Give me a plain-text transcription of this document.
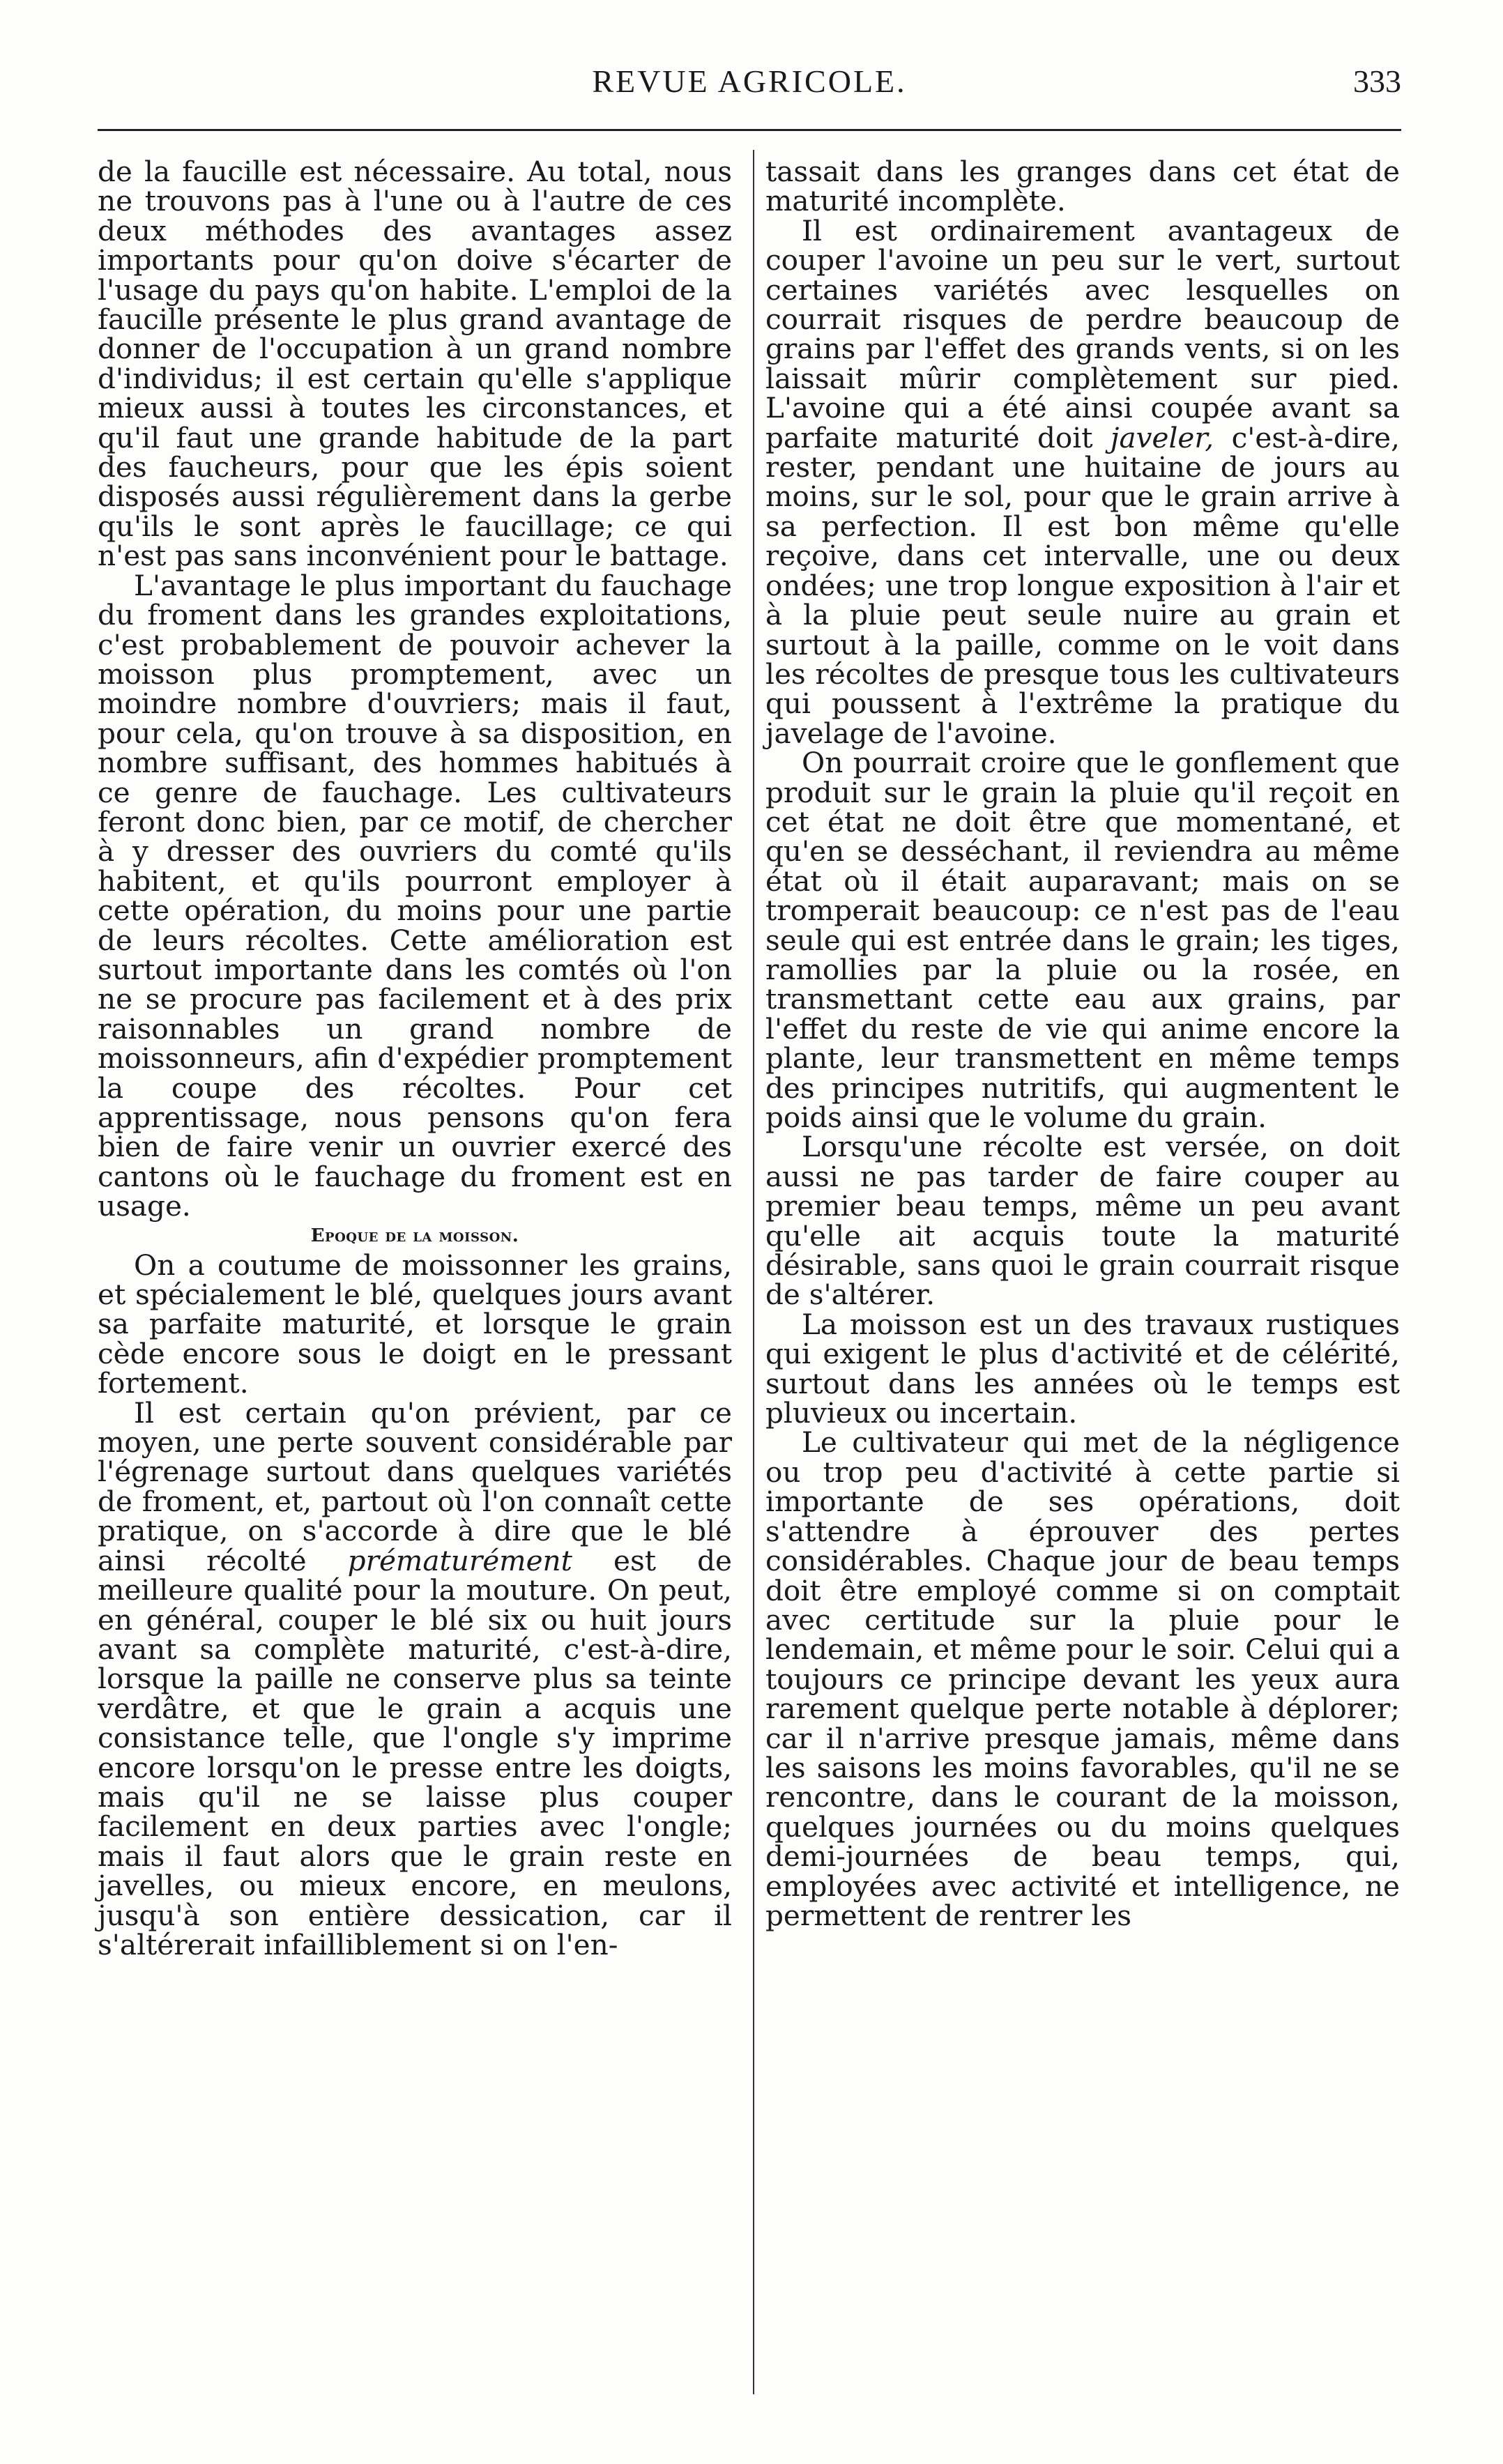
REVUE AGRICOLE.	333

de la faucille est nécessaire. Au total, nous ne trouvons pas à l'une ou à l'autre de ces deux méthodes des avantages assez importants pour qu'on doive s'écarter de l'usage du pays qu'on habite. L'emploi de la faucille présente le plus grand avantage de donner de l'occupation à un grand nombre d'individus; il est certain qu'elle s'applique mieux aussi à toutes les circonstances, et qu'il faut une grande habitude de la part des faucheurs, pour que les épis soient disposés aussi régulièrement dans la gerbe qu'ils le sont après le faucillage; ce qui n'est pas sans inconvénient pour le battage.

L'avantage le plus important du fauchage du froment dans les grandes exploitations, c'est probablement de pouvoir achever la moisson plus promptement, avec un moindre nombre d'ouvriers; mais il faut, pour cela, qu'on trouve à sa disposition, en nombre suffisant, des hommes habitués à ce genre de fauchage. Les cultivateurs feront donc bien, par ce motif, de chercher à y dresser des ouvriers du comté qu'ils habitent, et qu'ils pourront employer à cette opération, du moins pour une partie de leurs récoltes. Cette amélioration est surtout importante dans les comtés où l'on ne se procure pas facilement et à des prix raisonnables un grand nombre de moissonneurs, afin d'expédier promptement la coupe des récoltes. Pour cet apprentissage, nous pensons qu'on fera bien de faire venir un ouvrier exercé des cantons où le fauchage du froment est en usage.

Epoque de la moisson.

On a coutume de moissonner les grains, et spécialement le blé, quelques jours avant sa parfaite maturité, et lorsque le grain cède encore sous le doigt en le pressant fortement.

Il est certain qu'on prévient, par ce moyen, une perte souvent considérable par l'égrenage surtout dans quelques variétés de froment, et, partout où l'on connaît cette pratique, on s'accorde à dire que le blé ainsi récolté prématurément est de meilleure qualité pour la mouture. On peut, en général, couper le blé six ou huit jours avant sa complète maturité, c'est-à-dire, lorsque la paille ne conserve plus sa teinte verdâtre, et que le grain a acquis une consistance telle, que l'ongle s'y imprime encore lorsqu'on le presse entre les doigts, mais qu'il ne se laisse plus couper facilement en deux parties avec l'ongle; mais il faut alors que le grain reste en javelles, ou mieux encore, en meulons, jusqu'à son entière dessication, car il s'altérerait infailliblement si on l'en-

tassait dans les granges dans cet état de maturité incomplète.

Il est ordinairement avantageux de couper l'avoine un peu sur le vert, surtout certaines variétés avec lesquelles on courrait risques de perdre beaucoup de grains par l'effet des grands vents, si on les laissait mûrir complètement sur pied. L'avoine qui a été ainsi coupée avant sa parfaite maturité doit javeler, c'est-à-dire, rester, pendant une huitaine de jours au moins, sur le sol, pour que le grain arrive à sa perfection. Il est bon même qu'elle reçoive, dans cet intervalle, une ou deux ondées; une trop longue exposition à l'air et à la pluie peut seule nuire au grain et surtout à la paille, comme on le voit dans les récoltes de presque tous les cultivateurs qui poussent à l'extrême la pratique du javelage de l'avoine.

On pourrait croire que le gonflement que produit sur le grain la pluie qu'il reçoit en cet état ne doit être que momentané, et qu'en se desséchant, il reviendra au même état où il était auparavant; mais on se tromperait beaucoup: ce n'est pas de l'eau seule qui est entrée dans le grain; les tiges, ramollies par la pluie ou la rosée, en transmettant cette eau aux grains, par l'effet du reste de vie qui anime encore la plante, leur transmettent en même temps des principes nutritifs, qui augmentent le poids ainsi que le volume du grain.

Lorsqu'une récolte est versée, on doit aussi ne pas tarder de faire couper au premier beau temps, même un peu avant qu'elle ait acquis toute la maturité désirable, sans quoi le grain courrait risque de s'altérer.

La moisson est un des travaux rustiques qui exigent le plus d'activité et de célérité, surtout dans les années où le temps est pluvieux ou incertain.

Le cultivateur qui met de la négligence ou trop peu d'activité à cette partie si importante de ses opérations, doit s'attendre à éprouver des pertes considérables. Chaque jour de beau temps doit être employé comme si on comptait avec certitude sur la pluie pour le lendemain, et même pour le soir. Celui qui a toujours ce principe devant les yeux aura rarement quelque perte notable à déplorer; car il n'arrive presque jamais, même dans les saisons les moins favorables, qu'il ne se rencontre, dans le courant de la moisson, quelques journées ou du moins quelques demi-journées de beau temps, qui, employées avec activité et intelligence, ne permettent de rentrer les
